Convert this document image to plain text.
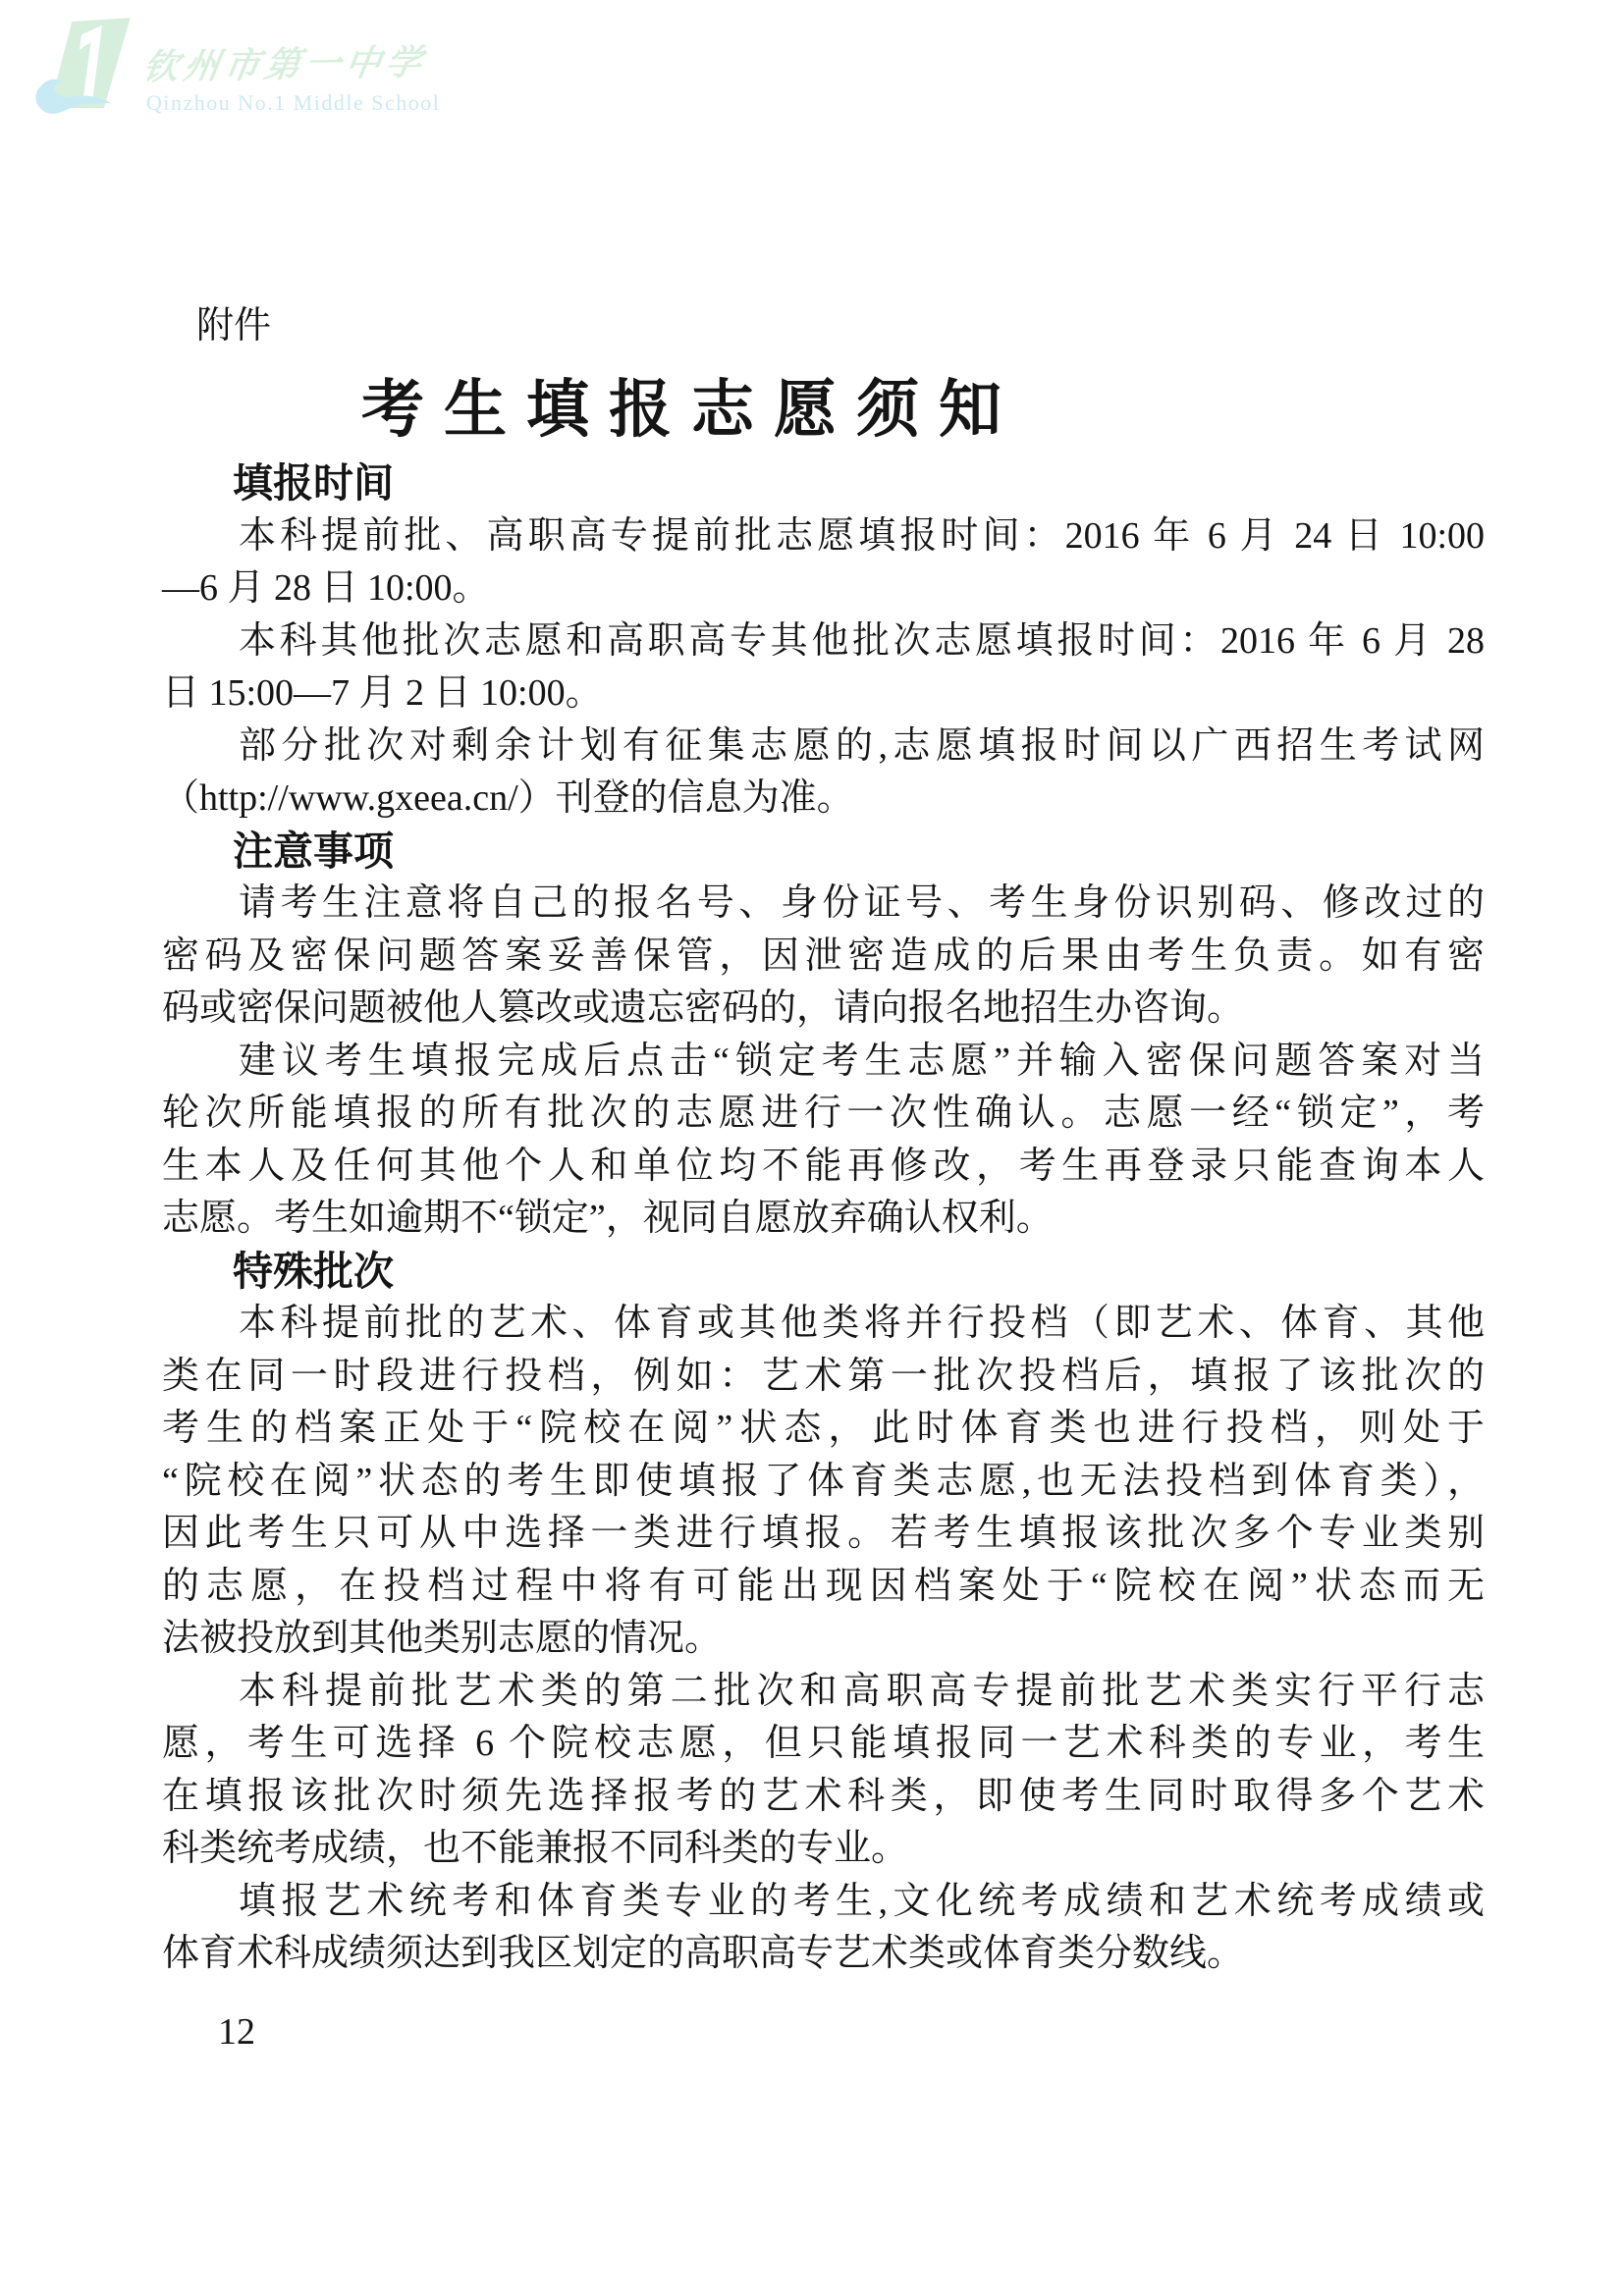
钦州市第一中学
Qinzhou No.1 Middle School
附件
考生填报志愿须知
填报时间
本科提前批、高职高专提前批志愿填报时间：2016 年 6 月 24 日 10:00
—6 月 28 日 10:00。
本科其他批次志愿和高职高专其他批次志愿填报时间：2016 年 6 月 28
日 15:00—7 月 2 日 10:00。
部分批次对剩余计划有征集志愿的,志愿填报时间以广西招生考试网
（http://www.gxeea.cn/）刊登的信息为准。
注意事项
请考生注意将自己的报名号、身份证号、考生身份识别码、修改过的
密码及密保问题答案妥善保管，因泄密造成的后果由考生负责。如有密
码或密保问题被他人篡改或遗忘密码的，请向报名地招生办咨询。
建议考生填报完成后点击“锁定考生志愿”并输入密保问题答案对当
轮次所能填报的所有批次的志愿进行一次性确认。志愿一经“锁定”，考
生本人及任何其他个人和单位均不能再修改，考生再登录只能查询本人
志愿。考生如逾期不“锁定”，视同自愿放弃确认权利。
特殊批次
本科提前批的艺术、体育或其他类将并行投档（即艺术、体育、其他
类在同一时段进行投档，例如：艺术第一批次投档后，填报了该批次的
考生的档案正处于“院校在阅”状态，此时体育类也进行投档，则处于
“院校在阅”状态的考生即使填报了体育类志愿,也无法投档到体育类），
因此考生只可从中选择一类进行填报。若考生填报该批次多个专业类别
的志愿，在投档过程中将有可能出现因档案处于“院校在阅”状态而无
法被投放到其他类别志愿的情况。
本科提前批艺术类的第二批次和高职高专提前批艺术类实行平行志
愿，考生可选择 6 个院校志愿，但只能填报同一艺术科类的专业，考生
在填报该批次时须先选择报考的艺术科类，即使考生同时取得多个艺术
科类统考成绩，也不能兼报不同科类的专业。
填报艺术统考和体育类专业的考生,文化统考成绩和艺术统考成绩或
体育术科成绩须达到我区划定的高职高专艺术类或体育类分数线。
12
